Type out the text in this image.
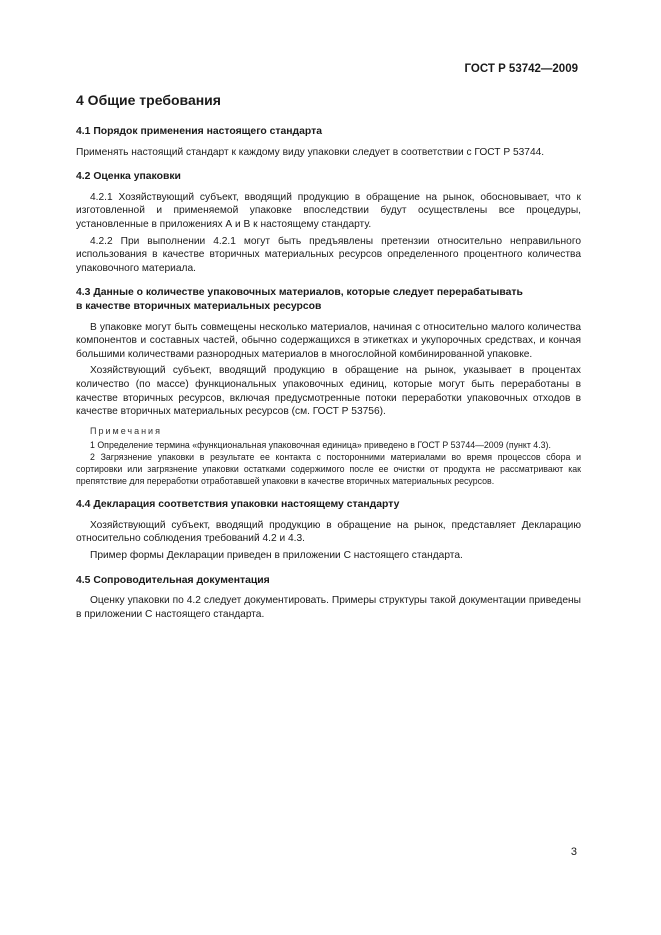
ГОСТ Р 53742—2009
4 Общие требования
4.1 Порядок применения настоящего стандарта

Применять настоящий стандарт к каждому виду упаковки следует в соответствии с ГОСТ Р 53744.

4.2 Оценка упаковки

4.2.1 Хозяйствующий субъект, вводящий продукцию в обращение на рынок, обосновывает, что к изготовленной и применяемой упаковке впоследствии будут осуществлены все процедуры, установленные в приложениях А и В к настоящему стандарту.

4.2.2 При выполнении 4.2.1 могут быть предъявлены претензии относительно неправильного использования в качестве вторичных материальных ресурсов определенного процентного количества упаковочного материала.

4.3 Данные о количестве упаковочных материалов, которые следует перерабатывать
в качестве вторичных материальных ресурсов

В упаковке могут быть совмещены несколько материалов, начиная с относительно малого количества компонентов и составных частей, обычно содержащихся в этикетках и укупорочных средствах, и кончая большими количествами разнородных материалов в многослойной комбинированной упаковке.

Хозяйствующий субъект, вводящий продукцию в обращение на рынок, указывает в процентах количество (по массе) функциональных упаковочных единиц, которые могут быть переработаны в качестве вторичных ресурсов, включая предусмотренные потоки переработки упаковочных отходов в качестве вторичных материальных ресурсов (см. ГОСТ Р 53756).

Примечания

1 Определение термина «функциональная упаковочная единица» приведено в ГОСТ Р 53744—2009 (пункт 4.3).

2 Загрязнение упаковки в результате ее контакта с посторонними материалами во время процессов сбора и сортировки или загрязнение упаковки остатками содержимого после ее очистки от продукта не рассматривают как препятствие для переработки отработавшей упаковки в качестве вторичных материальных ресурсов.

4.4 Декларация соответствия упаковки настоящему стандарту

Хозяйствующий субъект, вводящий продукцию в обращение на рынок, представляет Декларацию относительно соблюдения требований 4.2 и 4.3.

Пример формы Декларации приведен в приложении С настоящего стандарта.

4.5 Сопроводительная документация

Оценку упаковки по 4.2 следует документировать. Примеры структуры такой документации приведены в приложении С настоящего стандарта.

3
